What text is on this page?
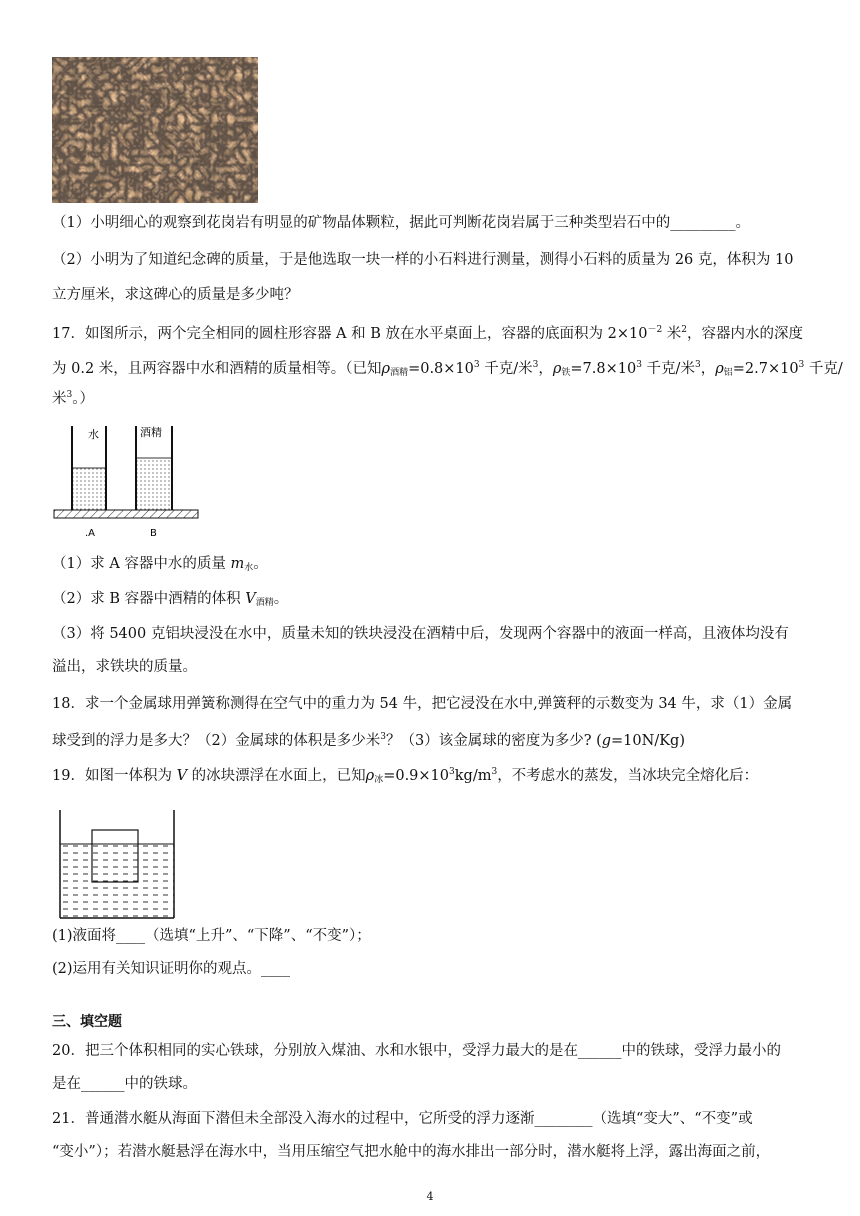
（1）小明细心的观察到花岗岩有明显的矿物晶体颗粒，据此可判断花岗岩属于三种类型岩石中的_________。
（2）小明为了知道纪念碑的质量，于是他选取一块一样的小石料进行测量，测得小石料的质量为 26 克，体积为 10
立方厘米，求这碑心的质量是多少吨？
17．如图所示，两个完全相同的圆柱形容器 A 和 B 放在水平桌面上，容器的底面积为 $2\times 10^{-2}$ 米$^2$，容器内水的深度
为 0.2 米，且两容器中水和酒精的质量相等。（已知$\rho_{酒精}=0.8\times 10^3$ 千克/米$^3$，$\rho_铁=7.8\times 10^3$ 千克/米$^3$，$\rho_铝=2.7\times 10^3$ 千克/
米$^3$。）
水	酒精
.A	B
（1）求 A 容器中水的质量 $m_水$。
（2）求 B 容器中酒精的体积 $V_{酒精}$。
（3）将 5400 克铝块浸没在水中，质量未知的铁块浸没在酒精中后，发现两个容器中的液面一样高，且液体均没有
溢出，求铁块的质量。
18．求一个金属球用弹簧称测得在空气中的重力为 54 牛，把它浸没在水中,弹簧秤的示数变为 34 牛，求（1）金属
球受到的浮力是多大？（2）金属球的体积是多少米$^3$？（3）该金属球的密度为多少? (g=10N/Kg)
19．如图一体积为 V 的冰块漂浮在水面上，已知$\rho_冰=0.9\times 10^3kg/m^3$，不考虑水的蒸发，当冰块完全熔化后：
(1)液面将____（选填“上升”、“下降”、“不变”）；
(2)运用有关知识证明你的观点。____
三、填空题
20．把三个体积相同的实心铁球，分别放入煤油、水和水银中，受浮力最大的是在______中的铁球，受浮力最小的
是在______中的铁球。
21．普通潜水艇从海面下潜但未全部没入海水的过程中，它所受的浮力逐渐________（选填“变大”、“不变”或
“变小”）；若潜水艇悬浮在海水中，当用压缩空气把水舱中的海水排出一部分时，潜水艇将上浮，露出海面之前，
4
